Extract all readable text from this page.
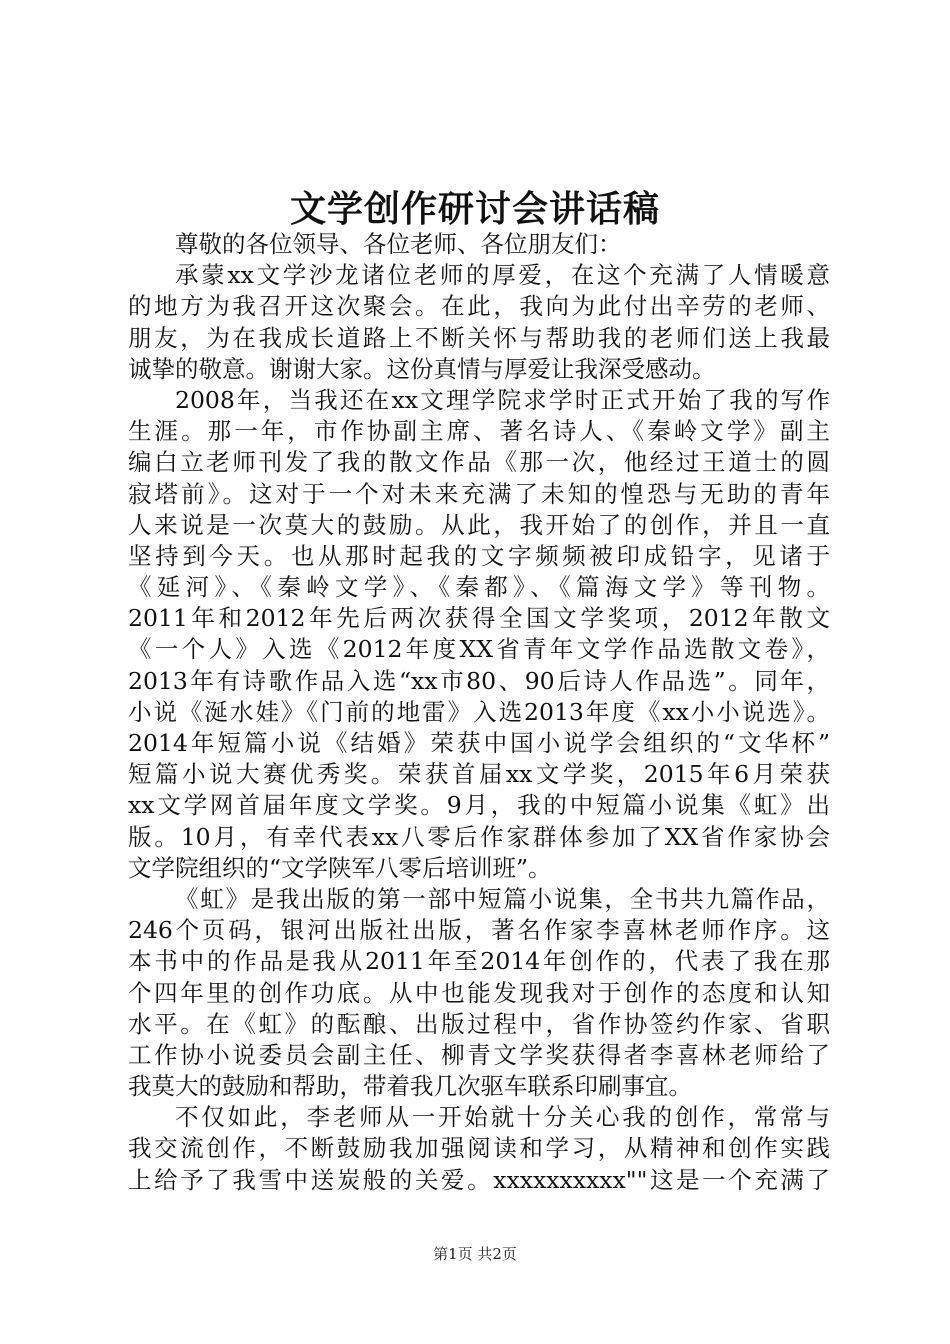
文学创作研讨会讲话稿
尊敬的各位领导、各位老师、各位朋友们：
承蒙xx文学沙龙诸位老师的厚爱，在这个充满了人情暖意
的地方为我召开这次聚会。在此，我向为此付出辛劳的老师、
朋友，为在我成长道路上不断关怀与帮助我的老师们送上我最
诚挚的敬意。谢谢大家。这份真情与厚爱让我深受感动。
2008年，当我还在xx文理学院求学时正式开始了我的写作
生涯。那一年，市作协副主席、著名诗人、《秦岭文学》副主
编白立老师刊发了我的散文作品《那一次，他经过王道士的圆
寂塔前》。这对于一个对未来充满了未知的惶恐与无助的青年
人来说是一次莫大的鼓励。从此，我开始了的创作，并且一直
坚持到今天。也从那时起我的文字频频被印成铅字，见诸于
《延河》、《秦岭文学》、《秦都》、《篇海文学》等刊物。
2011年和2012年先后两次获得全国文学奖项，2012年散文
《一个人》入选《2012年度XX省青年文学作品选散文卷》，
2013年有诗歌作品入选“xx市80、90后诗人作品选”。同年，
小说《涎水娃》《门前的地雷》入选2013年度《xx小小说选》。
2014年短篇小说《结婚》荣获中国小说学会组织的“文华杯”
短篇小说大赛优秀奖。荣获首届xx文学奖，2015年6月荣获
xx文学网首届年度文学奖。9月，我的中短篇小说集《虹》出
版。10月，有幸代表xx八零后作家群体参加了XX省作家协会
文学院组织的“文学陕军八零后培训班”。
《虹》是我出版的第一部中短篇小说集，全书共九篇作品，
246个页码，银河出版社出版，著名作家李喜林老师作序。这
本书中的作品是我从2011年至2014年创作的，代表了我在那
个四年里的创作功底。从中也能发现我对于创作的态度和认知
水平。在《虹》的酝酿、出版过程中，省作协签约作家、省职
工作协小说委员会副主任、柳青文学奖获得者李喜林老师给了
我莫大的鼓励和帮助，带着我几次驱车联系印刷事宜。
不仅如此，李老师从一开始就十分关心我的创作，常常与
我交流创作，不断鼓励我加强阅读和学习，从精神和创作实践
上给予了我雪中送炭般的关爱。xxxxxxxxxx""这是一个充满了
第1页 共2页
